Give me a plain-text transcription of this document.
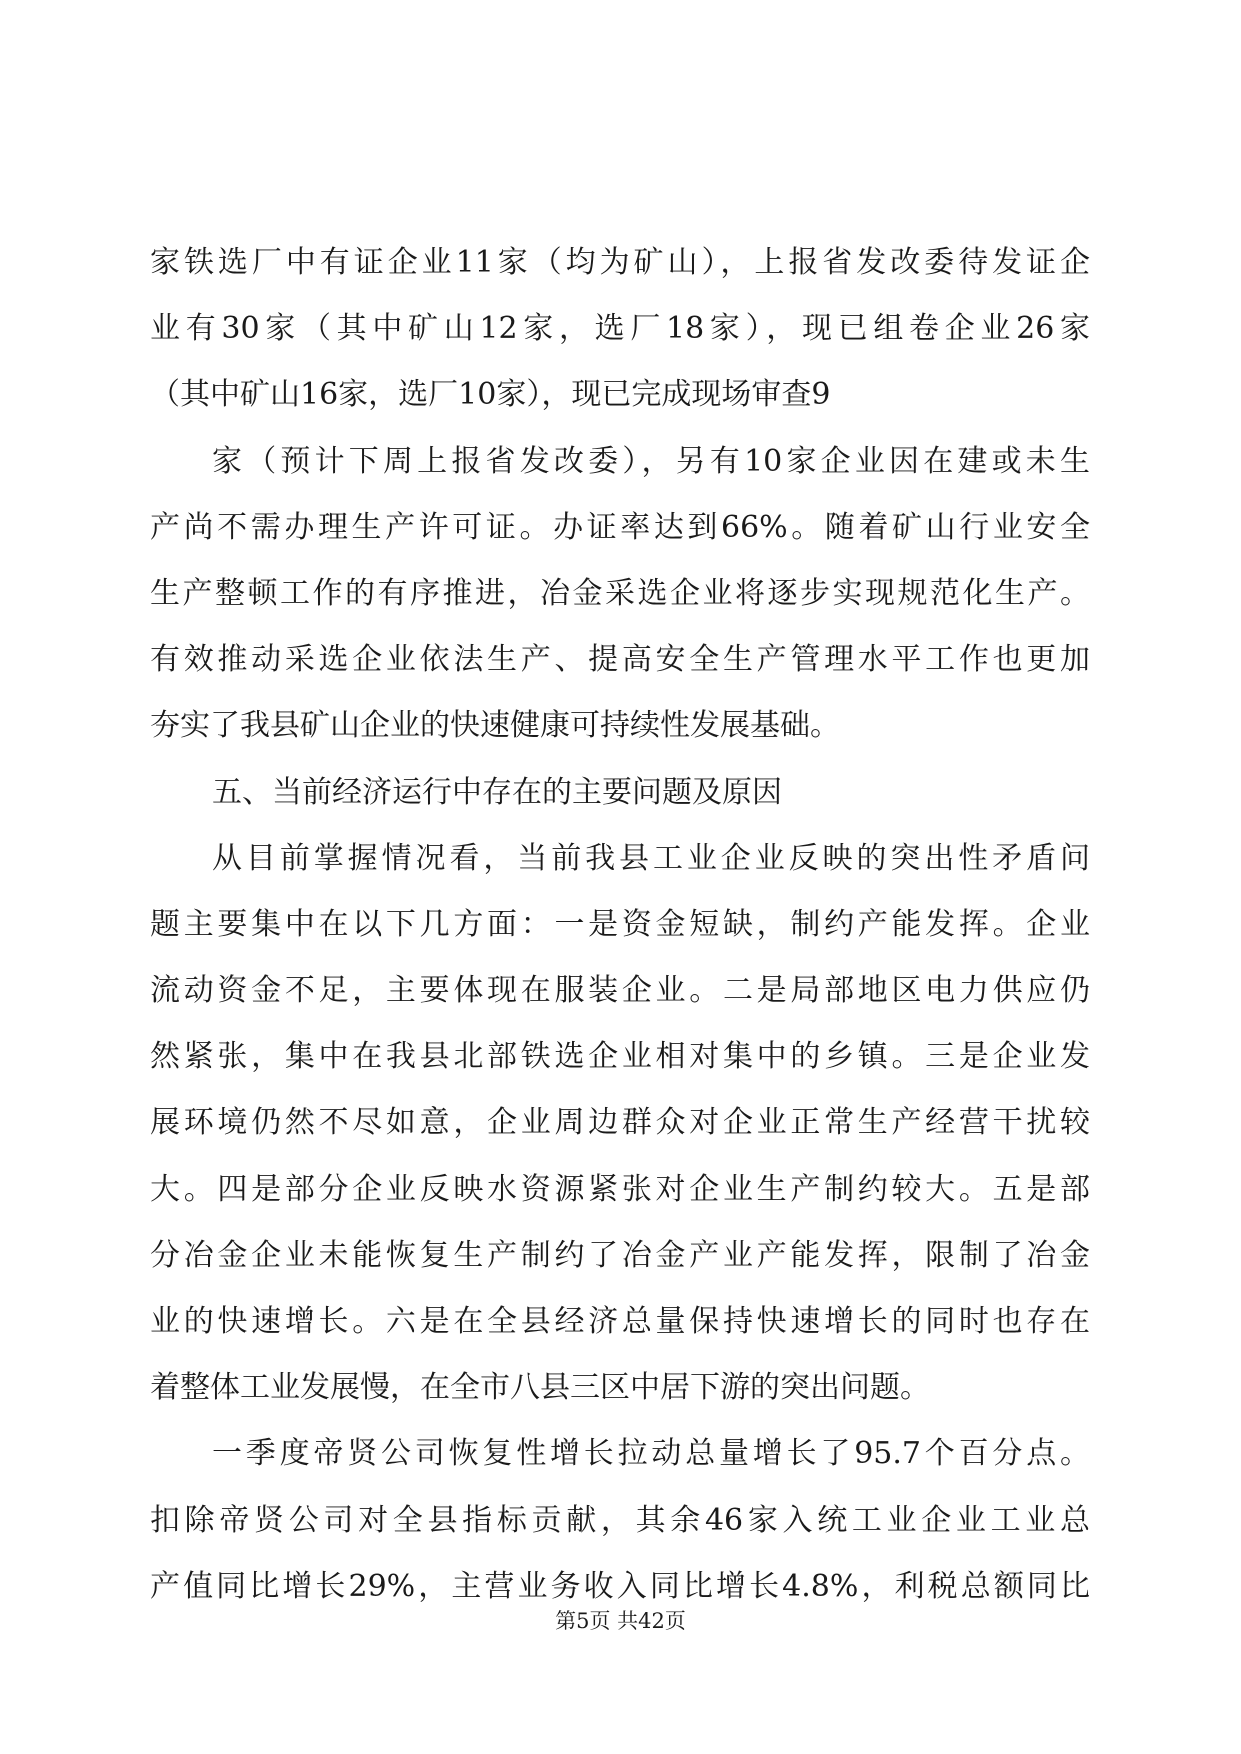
家铁选厂中有证企业11家（均为矿山），上报省发改委待发证企
业有30家（其中矿山12家，选厂18家），现已组卷企业26家
（其中矿山16家，选厂10家），现已完成现场审查9
家（预计下周上报省发改委），另有10家企业因在建或未生
产尚不需办理生产许可证。办证率达到66%。随着矿山行业安全
生产整顿工作的有序推进，冶金采选企业将逐步实现规范化生产。
有效推动采选企业依法生产、提高安全生产管理水平工作也更加
夯实了我县矿山企业的快速健康可持续性发展基础。
五、当前经济运行中存在的主要问题及原因
从目前掌握情况看，当前我县工业企业反映的突出性矛盾问
题主要集中在以下几方面：一是资金短缺，制约产能发挥。企业
流动资金不足，主要体现在服装企业。二是局部地区电力供应仍
然紧张，集中在我县北部铁选企业相对集中的乡镇。三是企业发
展环境仍然不尽如意，企业周边群众对企业正常生产经营干扰较
大。四是部分企业反映水资源紧张对企业生产制约较大。五是部
分冶金企业未能恢复生产制约了冶金产业产能发挥，限制了冶金
业的快速增长。六是在全县经济总量保持快速增长的同时也存在
着整体工业发展慢，在全市八县三区中居下游的突出问题。
一季度帝贤公司恢复性增长拉动总量增长了95.7个百分点。
扣除帝贤公司对全县指标贡献，其余46家入统工业企业工业总
产值同比增长29%，主营业务收入同比增长4.8%，利税总额同比
第5页 共42页
